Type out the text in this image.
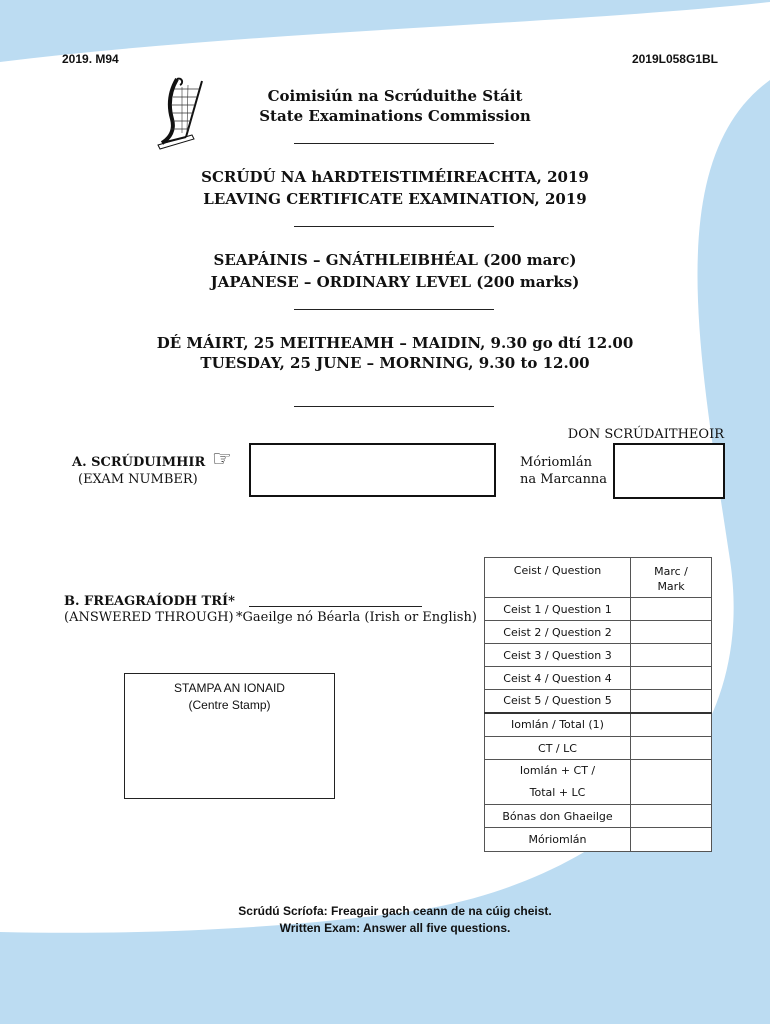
2019. M94	2019L058G1BL
Coimisiún na Scrúduithe Stáit
State Examinations Commission
SCRÚDÚ NA hARDTEISTIMÉIREACHTA, 2019
LEAVING CERTIFICATE EXAMINATION, 2019
SEAPÁINIS – GNÁTHLEIBHÉAL (200 marc)
JAPANESE – ORDINARY LEVEL (200 marks)
DÉ MÁIRT, 25 MEITHEAMH – MAIDIN, 9.30 go dtí 12.00
TUESDAY, 25 JUNE – MORNING, 9.30 to 12.00
DON SCRÚDAITHEOIR
A. SCRÚDUIMHIR
(EXAM NUMBER)
☞	Móriomlán
na Marcanna
B. FREAGRAÍODH TRÍ*
(ANSWERED THROUGH) *Gaeilge nó Béarla (Irish or English)
STAMPA AN IONAID
(Centre Stamp)
Ceist / Question	Marc /
Mark

Ceist 1 / Question 1	
Ceist 2 / Question 2	
Ceist 3 / Question 3	
Ceist 4 / Question 4	
Ceist 5 / Question 5	
Iomlán / Total (1)	
CT / LC	

Iomlán + CT /
Total + LC	

Bónas don Ghaeilge	
Móriomlán	
Scrúdú Scríofa: Freagair gach ceann de na cúig cheist.
Written Exam: Answer all five questions.
